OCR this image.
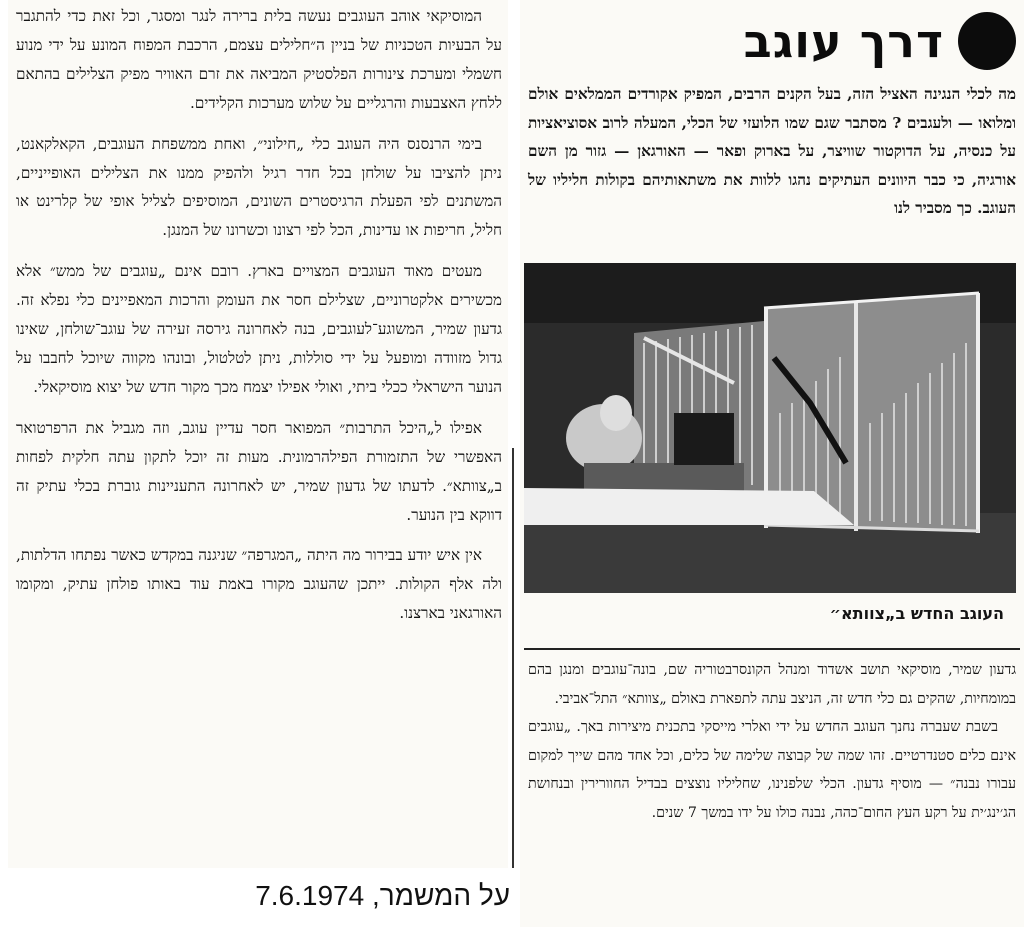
המוסיקאי אוהב העוגבים נעשה בלית ברירה לנגר ומסגר, וכל זאת כדי להתגבר על הבעיות הטכניות של בניין ה״חלילים עצמם, הרכבת המפוח המונע על ידי מנוע חשמלי ומערכת צינורות הפלסטיק המביאה את זרם האוויר מפיק הצלילים בהתאם ללחץ האצבעות והרגליים על שלוש מערכות הקלידים.

בימי הרנסנס היה העוגב כלי „חילוני״, ואחת ממשפחת העוגבים, הקאלקאנט, ניתן להציבו על שולחן בכל חדר רגיל ולהפיק ממנו את הצלילים האופייניים, המשתנים לפי הפעלת הרגיסטרים השונים, המוסיפים לצליל אופי של קלרינט או חליל, חריפות או עדינות, הכל לפי רצונו וכשרונו של המנגן.

מעטים מאוד העוגבים המצויים בארץ. רובם אינם „עוגבים של ממש״ אלא מכשירים אלקטרוניים, שצלילם חסר את העומק והרכות המאפיינים כלי נפלא זה. גדעון שמיר, המשוגע־לעוגבים, בנה לאחרונה גירסה זעירה של עוגב־שולחן, שאינו גדול מזוודה ומופעל על ידי סוללות, ניתן לטלטול, ובונהו מקווה שיוכל לחבבו על הנוער הישראלי ככלי ביתי, ואולי אפילו יצמח מכך מקור חדש של יצוא מוסיקאלי.

אפילו ל„היכל התרבות״ המפואר חסר עדיין עוגב, וזה מגביל את הרפרטואר האפשרי של התזמורת הפילהרמונית. מעות זה יוכל לתקון עתה חלקית לפחות ב„צוותא״. לדעתו של גדעון שמיר, יש לאחרונה התעניינות גוברת בכלי עתיק זה דווקא בין הנוער.

אין איש יודע בבירור מה היתה „המגרפה״ שניגנה במקדש כאשר נפתחו הדלתות, ולה אלף הקולות. ייתכן שהעוגב מקורו באמת עוד באותו פולחן עתיק, ומקומו האורגאני בארצנו.

דרך עוגב
מה לכלי הנגינה האציל הזה, בעל הקנים הרבים, המפיק אקורדים הממלאים אולם ומלואו — ולעגבים ? מסתבר שגם שמו הלועזי של הכלי, המעלה לרוב אסוציאציות על כנסיה, על הדוקטור שוויצר, על בארוק ופאר — האורגאן — גזור מן השם אורגיה, כי כבר היוונים העתיקים נהגו ללוות את משתאותיהם בקולות חליליו של העוגב. כך מסביר לנו
העוגב החדש ב„צוותא״

גדעון שמיר, מוסיקאי תושב אשדוד ומנהל הקונסרבטוריה שם, בונה־עוגבים ומנגן בהם במומחיות, שהקים גם כלי חדש זה, הניצב עתה לתפארת באולם „צוותא״ התל־אביבי.

בשבת שעברה נחנך העוגב החדש על ידי ואלרי מייסקי בתכנית מיצירות באך. „עוגבים אינם כלים סטנדרטיים. זהו שמה של קבוצה שלימה של כלים, וכל אחד מהם שייך למקום עבורו נבנה״ — מוסיף גדעון. הכלי שלפנינו, שחליליו נוצצים בבדיל החוורירין ובנחושת הג׳ינג׳ית על רקע העץ החום־כהה, נבנה כולו על ידו במשך 7 שנים.

על המשמר, 7.6.1974
